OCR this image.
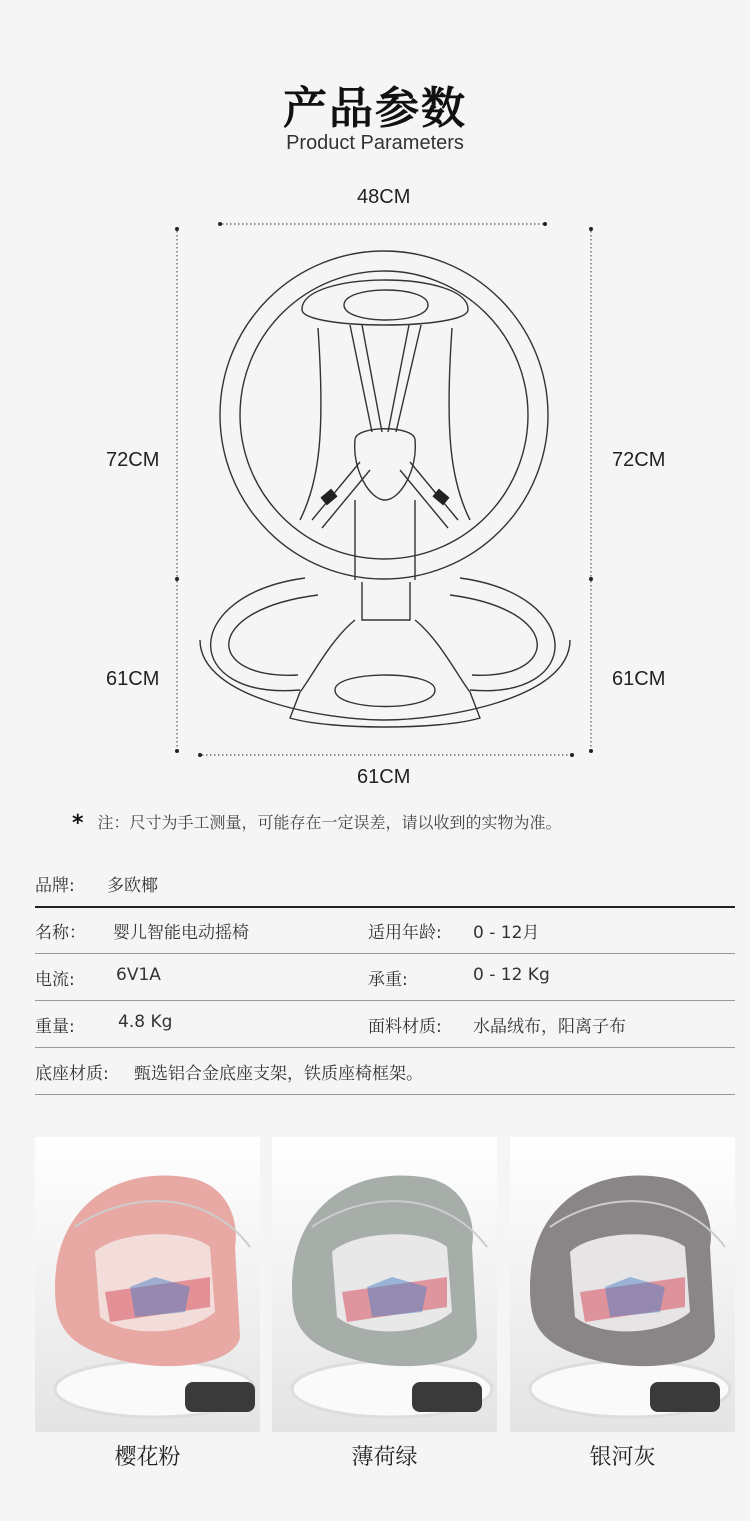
产品参数
Product Parameters
48CM
72CM	72CM
61CM	61CM
61CM
* 注：尺寸为手工测量，可能存在一定误差，请以收到的实物为准。
品牌: 多欧椰
名称： 婴儿智能电动摇椅	适用年龄: 0 - 12月
电流: 6V1A	承重:	0 - 12 Kg
重量:	4.8 Kg	面料材质: 水晶绒布，阳离子布
底座材质: 甄选铝合金底座支架，铁质座椅框架。
樱花粉	薄荷绿	银河灰
